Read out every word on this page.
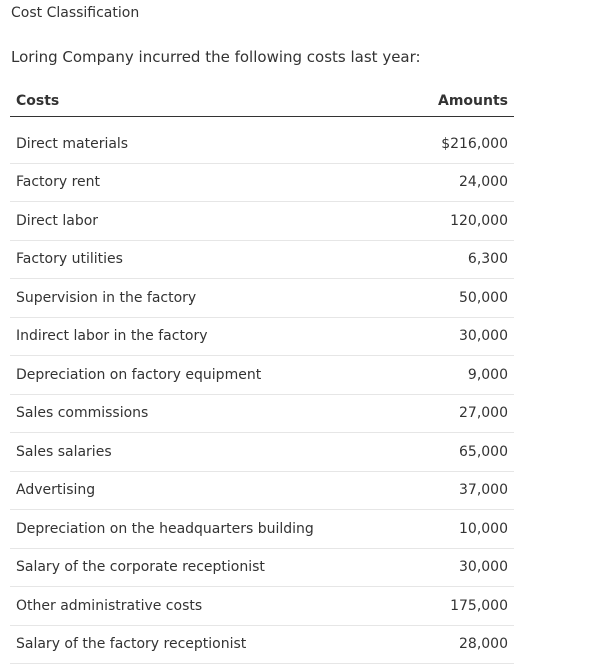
Cost Classification
Loring Company incurred the following costs last year:
Costs	Amounts

Direct materials	$216,000
Factory rent	24,000
Direct labor	120,000
Factory utilities	6,300
Supervision in the factory	50,000
Indirect labor in the factory	30,000
Depreciation on factory equipment	9,000
Sales commissions	27,000
Sales salaries	65,000
Advertising	37,000
Depreciation on the headquarters building	10,000
Salary of the corporate receptionist	30,000
Other administrative costs	175,000
Salary of the factory receptionist	28,000
